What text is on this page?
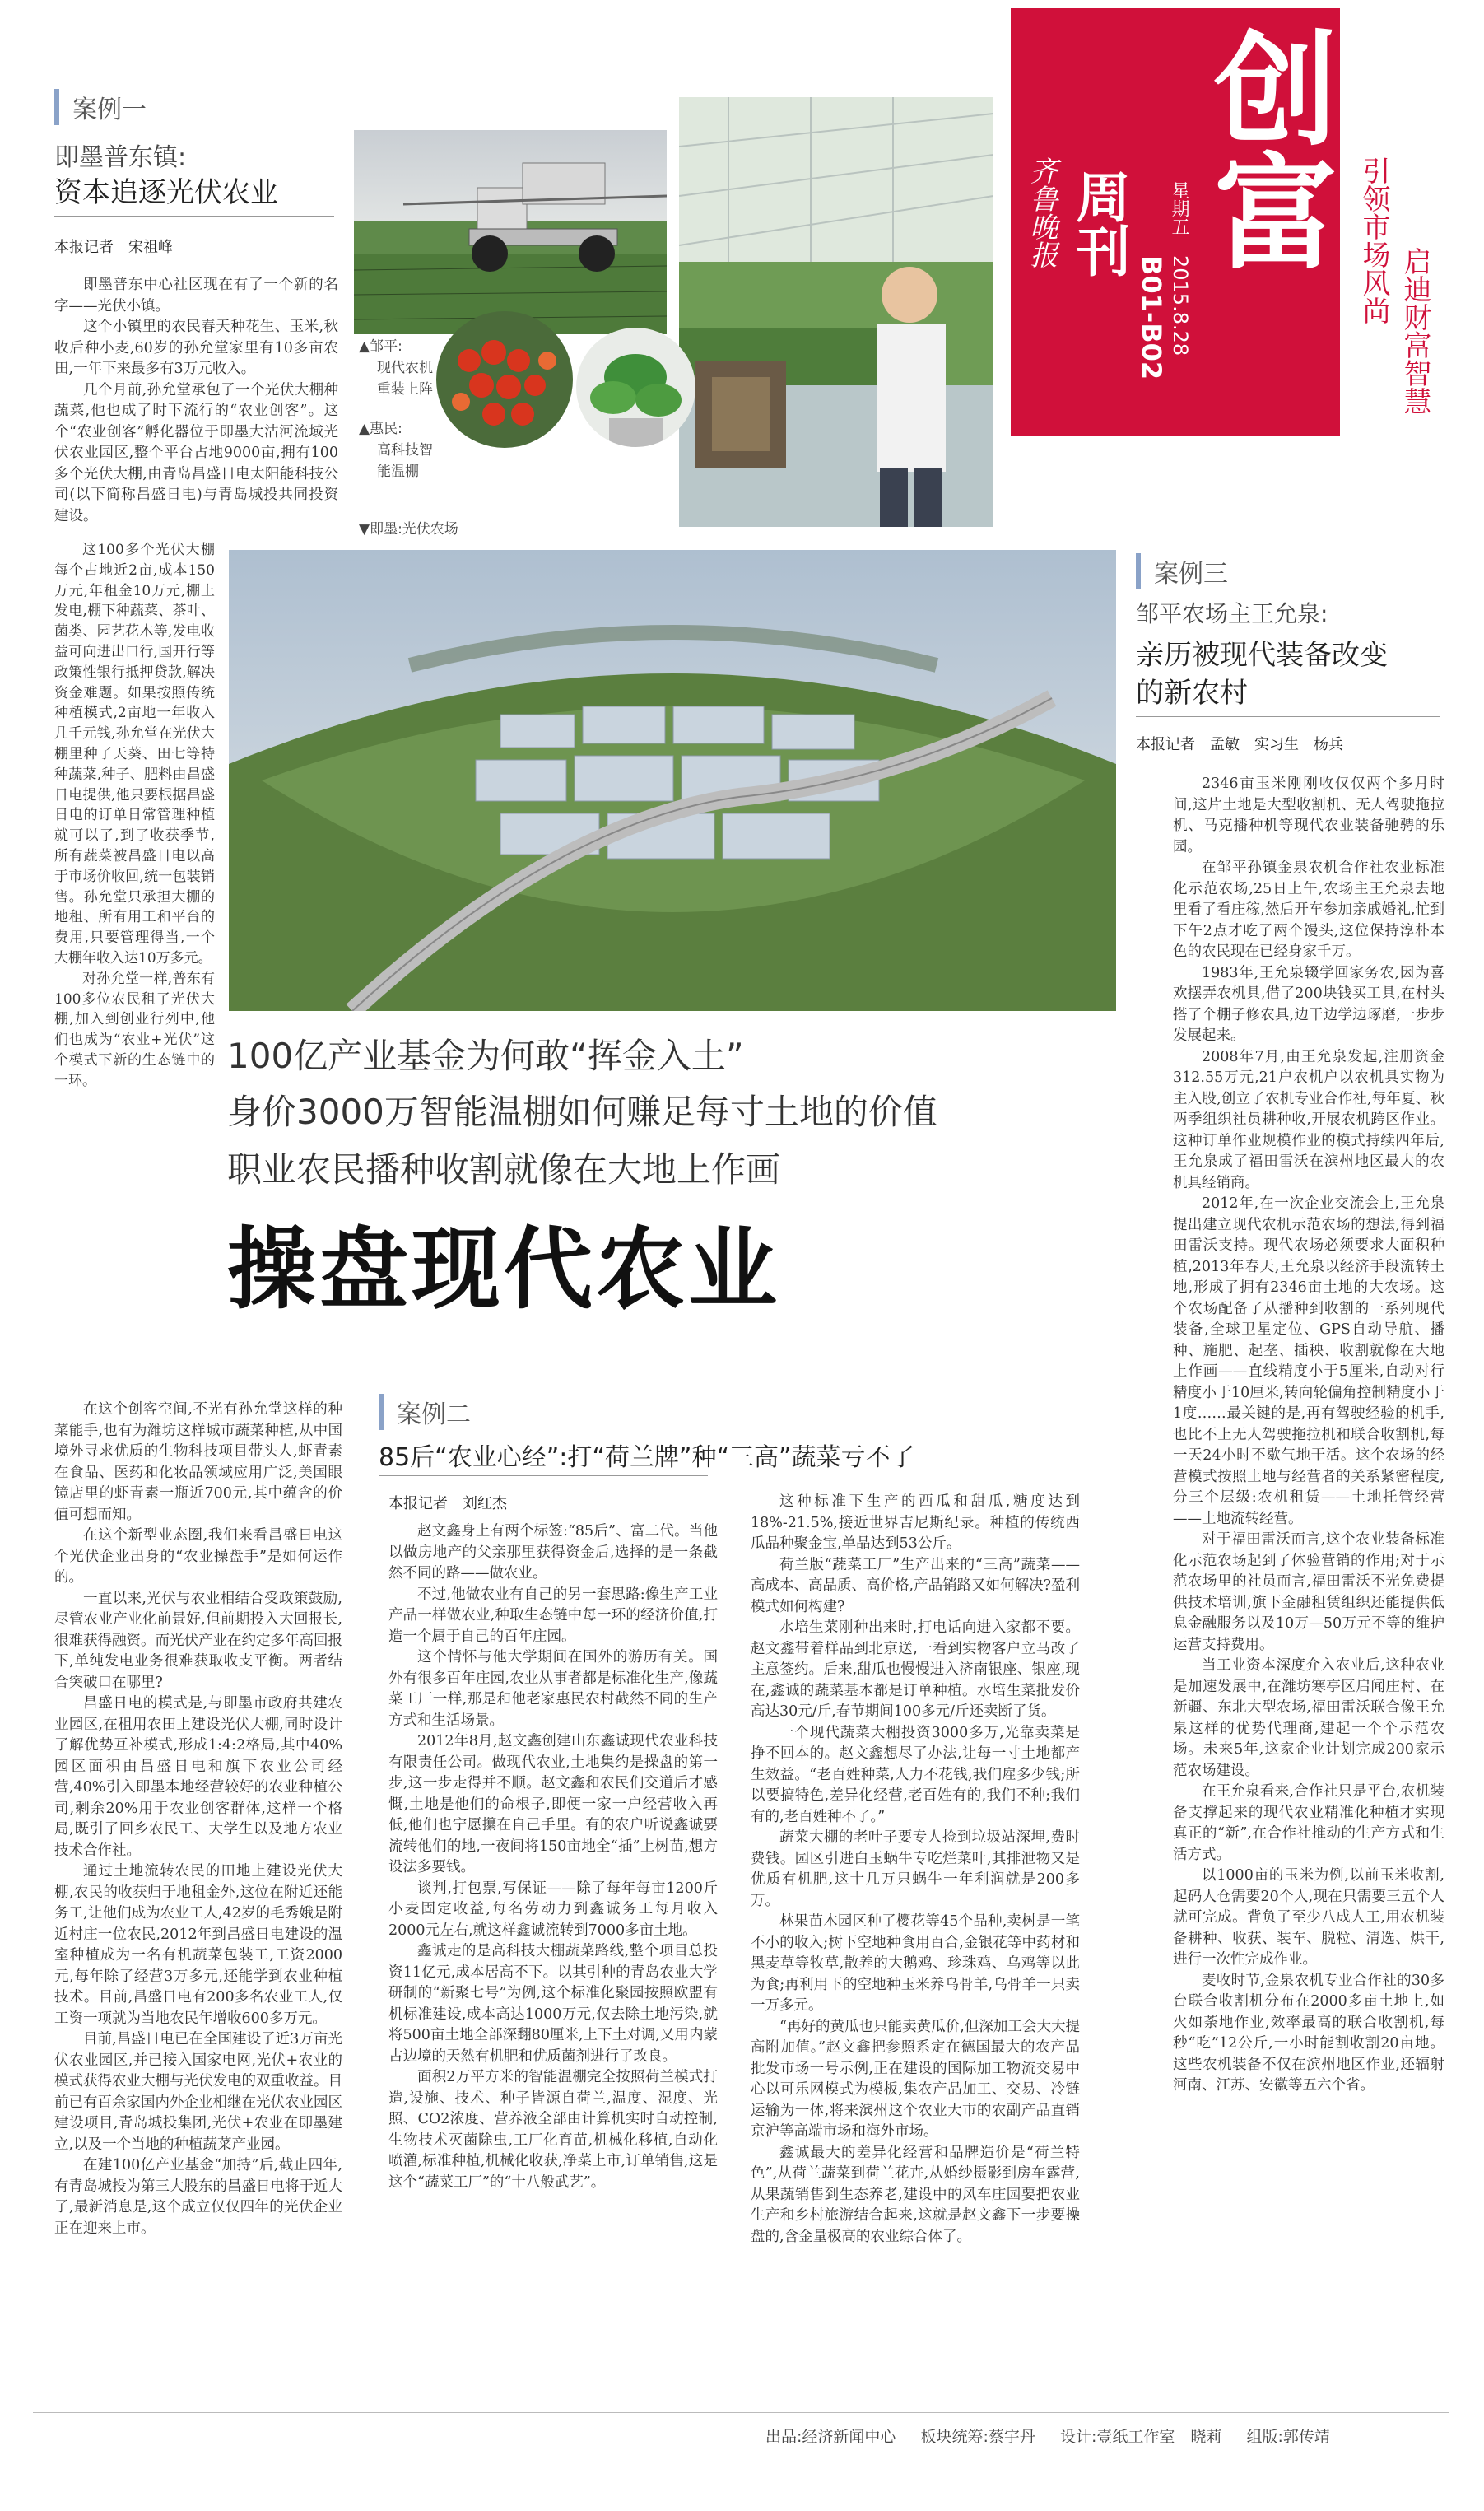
齐鲁晚报 周刊
B01-B02 2015.8.28
星期五 创富 引领市场风尚
启迪财富智慧
案例一
即墨普东镇:
资本追逐光伏农业
本报记者　宋祖峰

即墨普东中心社区现在有了一个新的名字——光伏小镇。

这个小镇里的农民春天种花生、玉米,秋收后种小麦,60岁的孙允堂家里有10多亩农田,一年下来最多有3万元收入。

几个月前,孙允堂承包了一个光伏大棚种蔬菜,他也成了时下流行的“农业创客”。这个“农业创客”孵化器位于即墨大沽河流域光伏农业园区,整个平台占地9000亩,拥有100多个光伏大棚,由青岛昌盛日电太阳能科技公司(以下简称昌盛日电)与青岛城投共同投资建设。

这100多个光伏大棚每个占地近2亩,成本150万元,年租金10万元,棚上发电,棚下种蔬菜、茶叶、菌类、园艺花木等,发电收益可向进出口行,国开行等政策性银行抵押贷款,解决资金难题。如果按照传统种植模式,2亩地一年收入几千元钱,孙允堂在光伏大棚里种了天葵、田七等特种蔬菜,种子、肥料由昌盛日电提供,他只要根据昌盛日电的订单日常管理种植就可以了,到了收获季节,所有蔬菜被昌盛日电以高于市场价收回,统一包装销售。孙允堂只承担大棚的地租、所有用工和平台的费用,只要管理得当,一个大棚年收入达10万多元。

对孙允堂一样,普东有100多位农民租了光伏大棚,加入到创业行列中,他们也成为“农业+光伏”这个模式下新的生态链中的一环。

在这个创客空间,不光有孙允堂这样的种菜能手,也有为潍坊这样城市蔬菜种植,从中国境外寻求优质的生物科技项目带头人,虾青素在食品、医药和化妆品领域应用广泛,美国眼镜店里的虾青素一瓶近700元,其中蕴含的价值可想而知。

在这个新型业态圈,我们来看昌盛日电这个光伏企业出身的“农业操盘手”是如何运作的。

一直以来,光伏与农业相结合受政策鼓励,尽管农业产业化前景好,但前期投入大回报长,很难获得融资。而光伏产业在约定多年高回报下,单纯发电业务很难获取收支平衡。两者结合突破口在哪里?

昌盛日电的模式是,与即墨市政府共建农业园区,在租用农田上建设光伏大棚,同时设计了解优势互补模式,形成1:4:2格局,其中40%园区面积由昌盛日电和旗下农业公司经营,40%引入即墨本地经营较好的农业种植公司,剩余20%用于农业创客群体,这样一个格局,既引了回乡农民工、大学生以及地方农业技术合作社。

通过土地流转农民的田地上建设光伏大棚,农民的收获归于地租金外,这位在附近还能务工,让他们成为农业工人,42岁的毛秀娥是附近村庄一位农民,2012年到昌盛日电建设的温室种植成为一名有机蔬菜包装工,工资2000元,每年除了经营3万多元,还能学到农业种植技术。目前,昌盛日电有200多名农业工人,仅工资一项就为当地农民年增收600多万元。

目前,昌盛日电已在全国建设了近3万亩光伏农业园区,并已接入国家电网,光伏+农业的模式获得农业大棚与光伏发电的双重收益。目前已有百余家国内外企业相继在光伏农业园区建设项目,青岛城投集团,光伏+农业在即墨建立,以及一个当地的种植蔬菜产业园。

在建100亿产业基金“加持”后,截止四年,有青岛城投为第三大股东的昌盛日电将于近大了,最新消息是,这个成立仅仅四年的光伏企业正在迎来上市。

▲邹平:
现代农机
重装上阵
▲惠民:
高科技智
能温棚
▼即墨:光伏农场
100亿产业基金为何敢“挥金入土”
身价3000万智能温棚如何赚足每寸土地的价值
职业农民播种收割就像在大地上作画
操盘现代农业
案例二
85后“农业心经”:打“荷兰牌”种“三高”蔬菜亏不了
本报记者　刘红杰

赵文鑫身上有两个标签:“85后”、富二代。当他以做房地产的父亲那里获得资金后,选择的是一条截然不同的路——做农业。

不过,他做农业有自己的另一套思路:像生产工业产品一样做农业,种取生态链中每一环的经济价值,打造一个属于自己的百年庄园。

这个情怀与他大学期间在国外的游历有关。国外有很多百年庄园,农业从事者都是标准化生产,像蔬菜工厂一样,那是和他老家惠民农村截然不同的生产方式和生活场景。

2012年8月,赵文鑫创建山东鑫诚现代农业科技有限责任公司。做现代农业,土地集约是操盘的第一步,这一步走得并不顺。赵文鑫和农民们交道后才感慨,土地是他们的命根子,即便一家一户经营收入再低,他们也宁愿攥在自己手里。有的农户听说鑫诚要流转他们的地,一夜间将150亩地全“插”上树苗,想方设法多要钱。

谈判,打包票,写保证——除了每年每亩1200斤小麦固定收益,每名劳动力到鑫诚务工每月收入2000元左右,就这样鑫诚流转到7000多亩土地。

鑫诚走的是高科技大棚蔬菜路线,整个项目总投资11亿元,成本居高不下。以其引种的青岛农业大学研制的“新聚七号”为例,这个标准化聚园按照欧盟有机标准建设,成本高达1000万元,仅去除土地污染,就将500亩土地全部深翻80厘米,上下土对调,又用内蒙古边境的天然有机肥和优质菌剂进行了改良。

面积2万平方米的智能温棚完全按照荷兰模式打造,设施、技术、种子皆源自荷兰,温度、湿度、光照、CO2浓度、营养液全部由计算机实时自动控制,生物技术灭菌除虫,工厂化育苗,机械化移植,自动化喷灌,标准种植,机械化收获,净菜上市,订单销售,这是这个“蔬菜工厂”的“十八般武艺”。

这种标准下生产的西瓜和甜瓜,糖度达到18%-21.5%,接近世界吉尼斯纪录。种植的传统西瓜品种聚金宝,单品达到53公斤。

荷兰版“蔬菜工厂”生产出来的“三高”蔬菜——高成本、高品质、高价格,产品销路又如何解决?盈利模式如何构建?

水培生菜刚种出来时,打电话向进入家都不要。赵文鑫带着样品到北京送,一看到实物客户立马改了主意签约。后来,甜瓜也慢慢进入济南银座、银座,现在,鑫诚的蔬菜基本都是订单种植。水培生菜批发价高达30元/斤,春节期间100多元/斤还卖断了货。

一个现代蔬菜大棚投资3000多万,光靠卖菜是挣不回本的。赵文鑫想尽了办法,让每一寸土地都产生效益。“老百姓种菜,人力不花钱,我们雇多少钱;所以要搞特色,差异化经营,老百姓有的,我们不种;我们有的,老百姓种不了。”

蔬菜大棚的老叶子要专人捡到垃圾站深埋,费时费钱。园区引进白玉蜗牛专吃烂菜叶,其排泄物又是优质有机肥,这十几万只蜗牛一年利润就是200多万。

林果苗木园区种了樱花等45个品种,卖树是一笔不小的收入;树下空地种食用百合,金银花等中药材和黑麦草等牧草,散养的大鹅鸡、珍珠鸡、乌鸡等以此为食;再利用下的空地种玉米养乌骨羊,乌骨羊一只卖一万多元。

“再好的黄瓜也只能卖黄瓜价,但深加工会大大提高附加值。”赵文鑫把参照系定在德国最大的农产品批发市场一号示例,正在建设的国际加工物流交易中心以可乐网模式为模板,集农产品加工、交易、冷链运输为一体,将来滨州这个农业大市的农副产品直销京沪等高端市场和海外市场。

鑫诚最大的差异化经营和品牌造价是“荷兰特色”,从荷兰蔬菜到荷兰花卉,从婚纱摄影到房车露营,从果蔬销售到生态养老,建设中的风车庄园要把农业生产和乡村旅游结合起来,这就是赵文鑫下一步要操盘的,含金量极高的农业综合体了。

案例三
邹平农场主王允泉:
亲历被现代装备改变
的新农村
本报记者　孟敏　实习生　杨兵

2346亩玉米刚刚收仅仅两个多月时间,这片土地是大型收割机、无人驾驶拖拉机、马克播种机等现代农业装备驰骋的乐园。

在邹平孙镇金泉农机合作社农业标准化示范农场,25日上午,农场主王允泉去地里看了看庄稼,然后开车参加亲戚婚礼,忙到下午2点才吃了两个馒头,这位保持淳朴本色的农民现在已经身家千万。

1983年,王允泉辍学回家务农,因为喜欢摆弄农机具,借了200块钱买工具,在村头搭了个棚子修农具,边干边学边琢磨,一步步发展起来。

2008年7月,由王允泉发起,注册资金312.55万元,21户农机户以农机具实物为主入股,创立了农机专业合作社,每年夏、秋两季组织社员耕种收,开展农机跨区作业。这种订单作业规模作业的模式持续四年后,王允泉成了福田雷沃在滨州地区最大的农机具经销商。

2012年,在一次企业交流会上,王允泉提出建立现代农机示范农场的想法,得到福田雷沃支持。现代农场必须要求大面积种植,2013年春天,王允泉以经济手段流转土地,形成了拥有2346亩土地的大农场。这个农场配备了从播种到收割的一系列现代装备,全球卫星定位、GPS自动导航、播种、施肥、起垄、插秧、收割就像在大地上作画——直线精度小于5厘米,自动对行精度小于10厘米,转向轮偏角控制精度小于1度……最关键的是,再有驾驶经验的机手,也比不上无人驾驶拖拉机和联合收割机,每一天24小时不歇气地干活。这个农场的经营模式按照土地与经营者的关系紧密程度,分三个层级:农机租赁——土地托管经营——土地流转经营。

对于福田雷沃而言,这个农业装备标准化示范农场起到了体验营销的作用;对于示范农场里的社员而言,福田雷沃不光免费提供技术培训,旗下金融租赁组织还能提供低息金融服务以及10万—50万元不等的维护运营支持费用。

当工业资本深度介入农业后,这种农业是加速发展中,在潍坊寒亭区启闻庄村、在新疆、东北大型农场,福田雷沃联合像王允泉这样的优势代理商,建起一个个示范农场。未来5年,这家企业计划完成200家示范农场建设。

在王允泉看来,合作社只是平台,农机装备支撑起来的现代农业精准化种植才实现真正的“新”,在合作社推动的生产方式和生活方式。

以1000亩的玉米为例,以前玉米收割,起码人仓需要20个人,现在只需要三五个人就可完成。背负了至少八成人工,用农机装备耕种、收获、装车、脱粒、清选、烘干,进行一次性完成作业。

麦收时节,金泉农机专业合作社的30多台联合收割机分布在2000多亩土地上,如火如荼地作业,效率最高的联合收割机,每秒“吃”12公斤,一小时能割收割20亩地。这些农机装备不仅在滨州地区作业,还辐射河南、江苏、安徽等五六个省。

出品:经济新闻中心 板块统筹:蔡宇丹 设计:壹纸工作室　晓莉 组版:郭传靖
